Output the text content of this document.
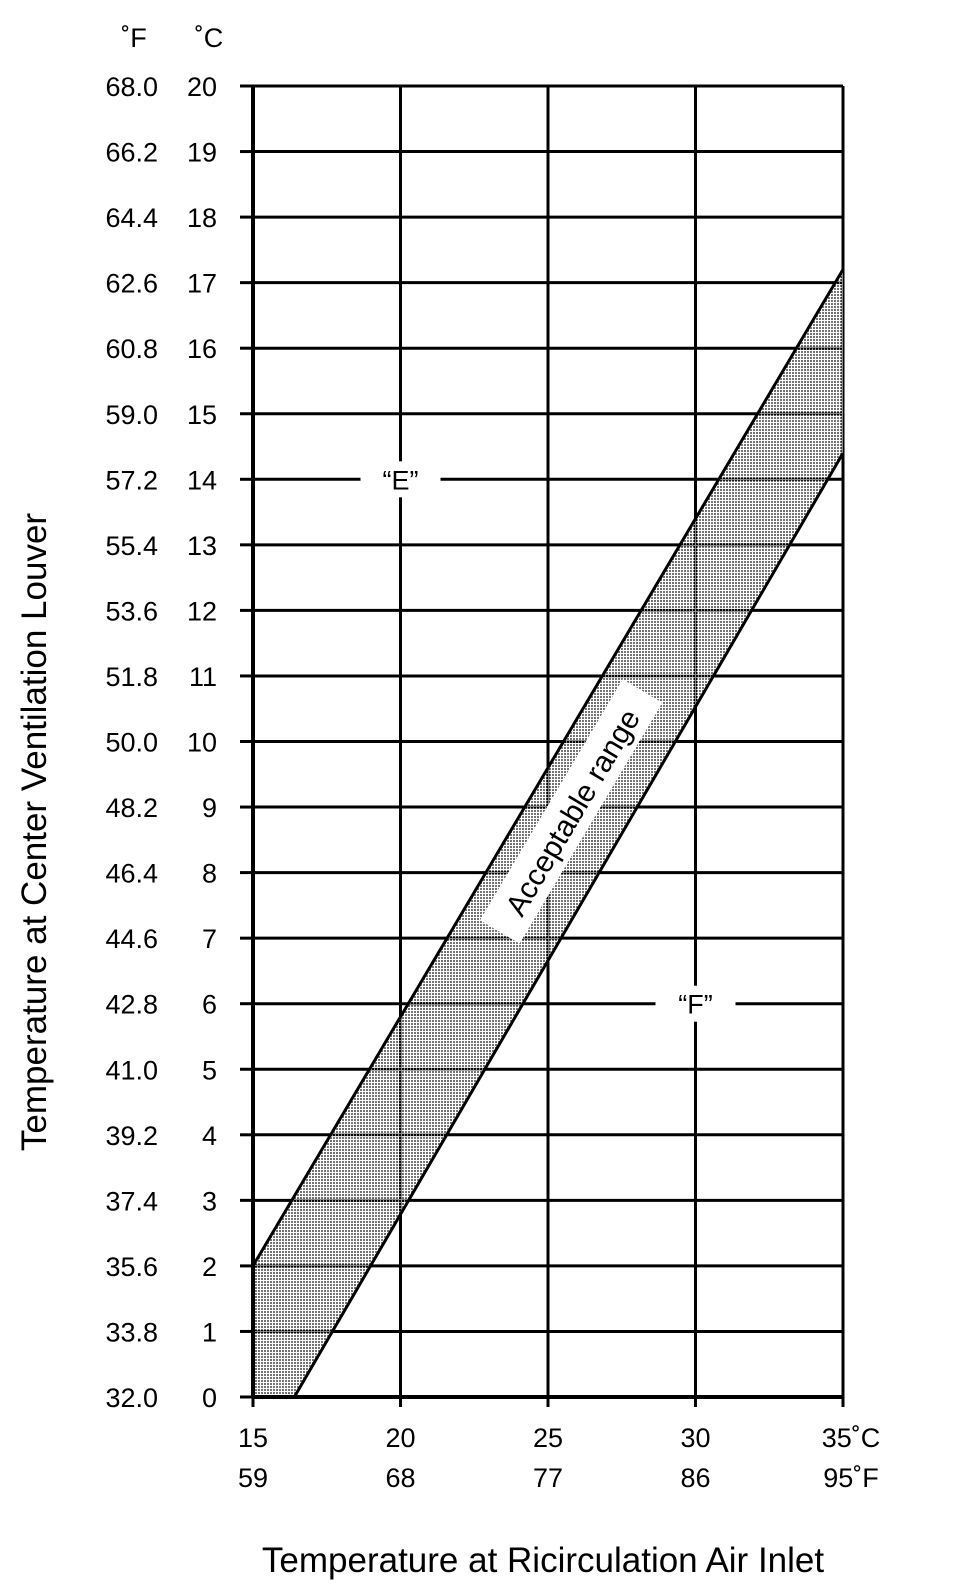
32.0 0
33.8 1
35.6 2
37.4 3
39.2 4
41.0 5
42.8 6
44.6 7
46.4 8
48.2 9
50.0 10
51.8 11
53.6 12
55.4 13
57.2 14
59.0 15
60.8 16
62.6 17
64.4 18
66.2 19
68.0 20
15
59
20
68
25
77
30
86
35˚C
95˚F
Acceptable range
“E”
“F”
˚F ˚C
Temperature at Center Ventilation Louver
Temperature at Ricirculation Air Inlet
